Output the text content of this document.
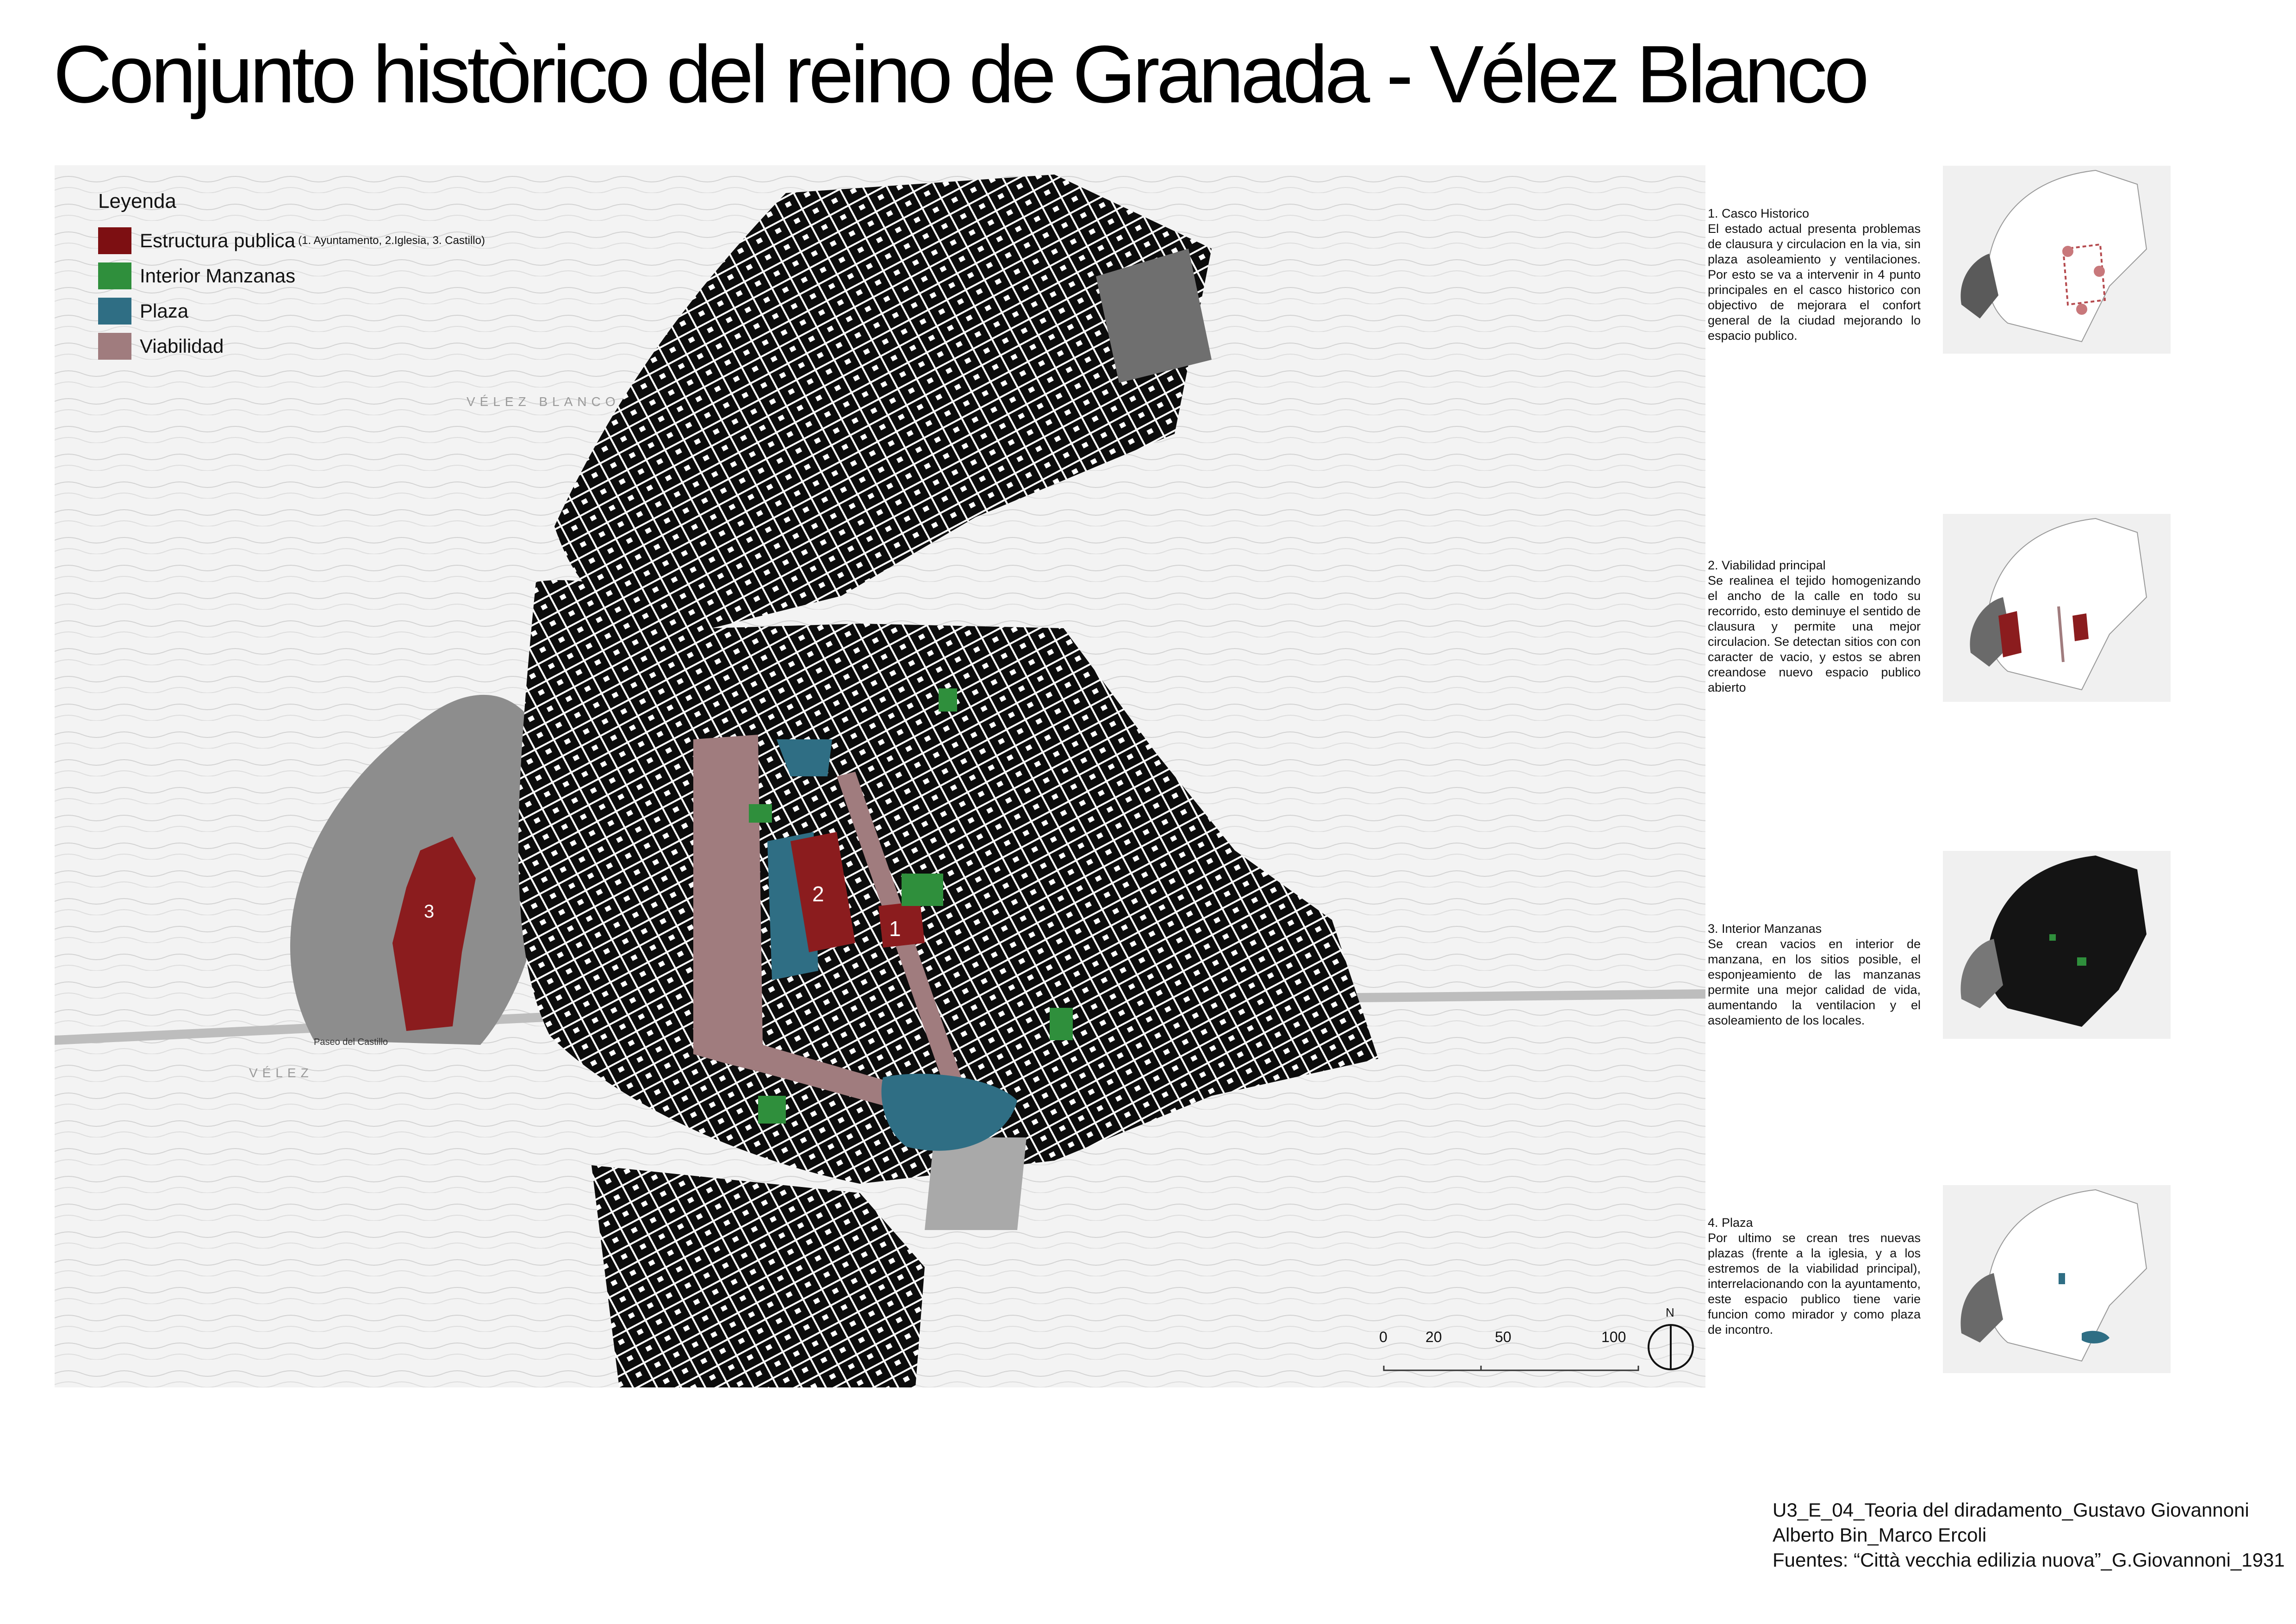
Conjunto històrico del reino de Granada - Vélez Blanco
1
2
3
VÉLEZ BLANCO
VÉLEZ
Paseo del Castillo
Leyenda
Estructura publica (1. Ayuntamento, 2.Iglesia, 3. Castillo)
Interior Manzanas
Plaza
Viabilidad
0	20	50	100
N
1. Casco Historico
El estado actual presenta problemas de clausura y circulacion en la via, sin plaza asoleamiento y ventilaciones. Por esto se va a intervenir in 4 punto principales en el casco historico con objectivo de mejorara el confort general de la ciudad mejorando lo espacio publico.
2. Viabilidad principal
Se realinea el tejido homogenizando el ancho de la calle en todo su recorrido, esto deminuye el sentido de clausura y permite una mejor circulacion. Se detectan sitios con con caracter de vacio, y estos se abren creandose nuevo espacio publico abierto
3. Interior Manzanas
Se crean vacios en interior de manzana, en los sitios posible, el esponjeamiento de las manzanas permite una mejor calidad de vida, aumentando la ventilacion y el asoleamiento de los locales.
4. Plaza
Por ultimo se crean tres nuevas plazas (frente a la iglesia, y a los estremos de la viabilidad principal), interrelacionando con la ayuntamento, este espacio publico tiene varie funcion como mirador y como plaza de incontro.
U3_E_04_Teoria del diradamento_Gustavo Giovannoni
Alberto Bin_Marco Ercoli
Fuentes: “Città vecchia edilizia nuova”_G.Giovannoni_1931
